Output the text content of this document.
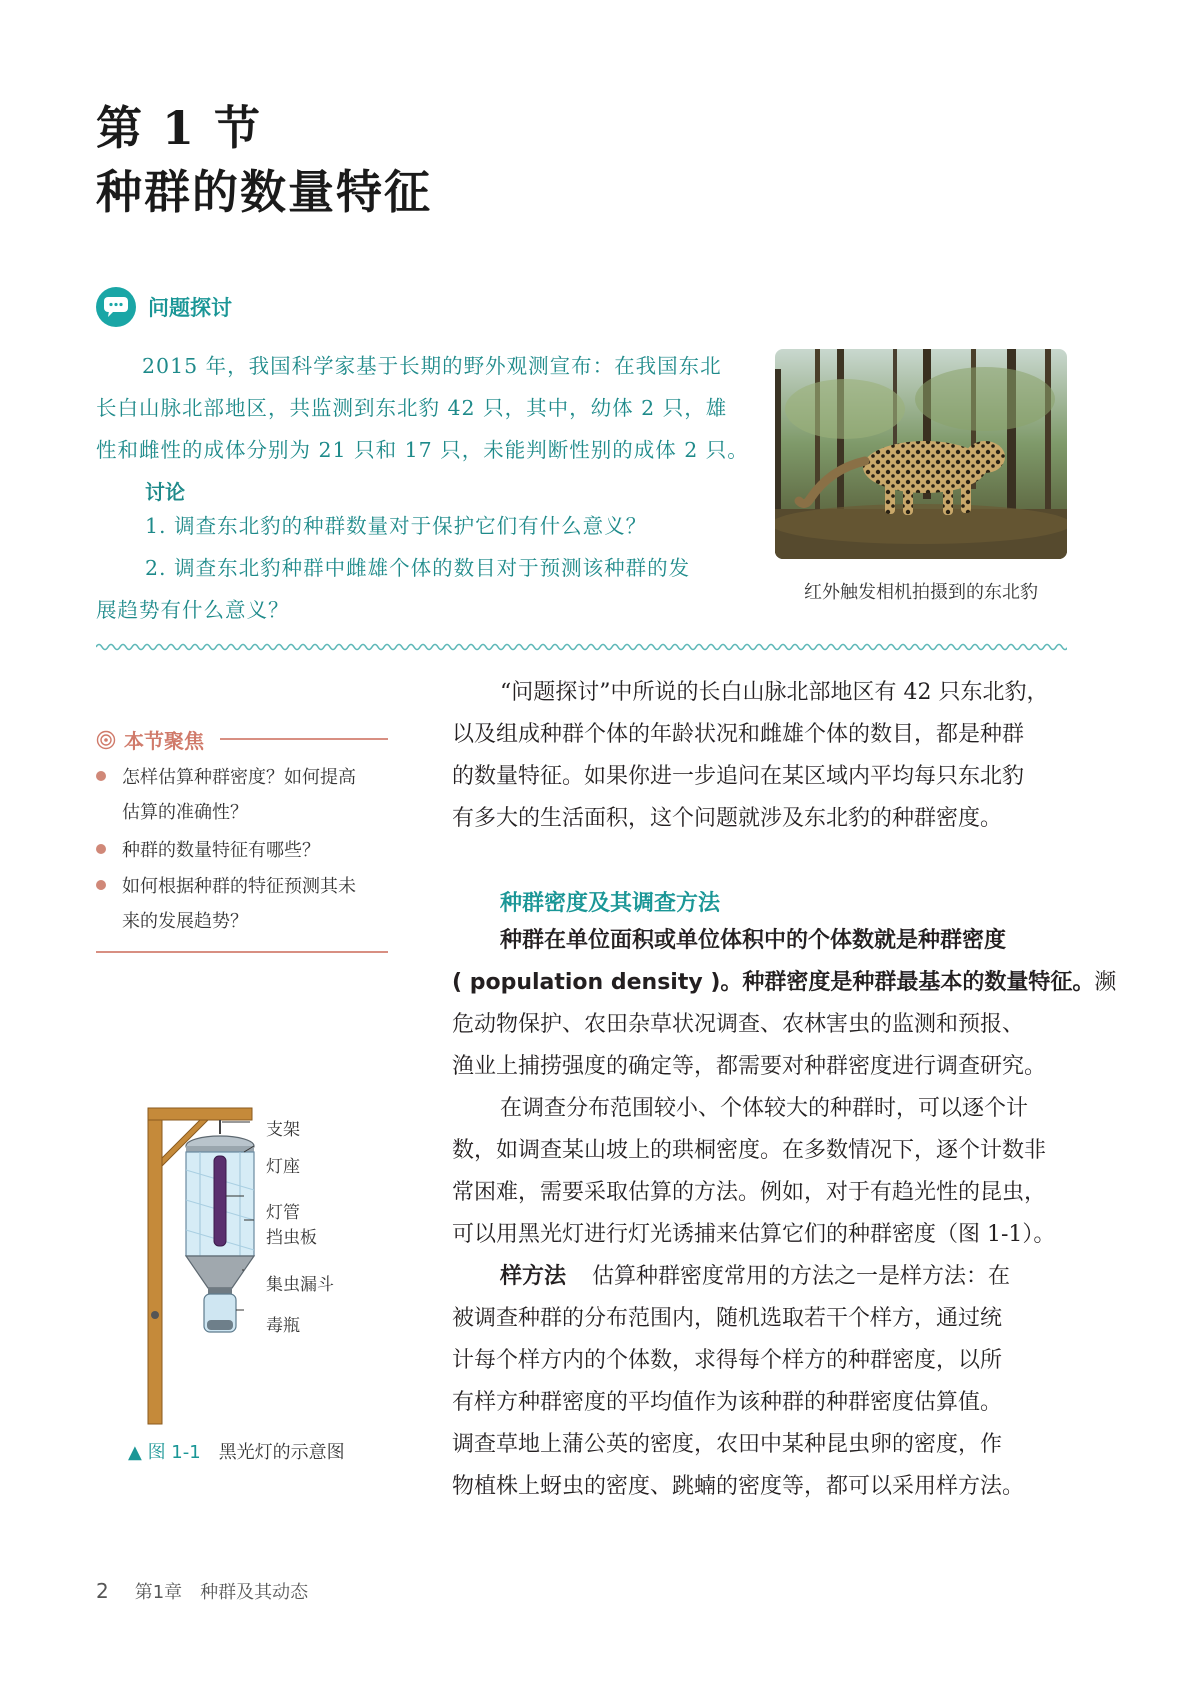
第 1 节
种群的数量特征
问题探讨
2015 年，我国科学家基于长期的野外观测宣布：在我国东北
长白山脉北部地区，共监测到东北豹 42 只，其中，幼体 2 只，雄
性和雌性的成体分别为 21 只和 17 只，未能判断性别的成体 2 只。
讨论
1. 调查东北豹的种群数量对于保护它们有什么意义？
2. 调查东北豹种群中雌雄个体的数目对于预测该种群的发
展趋势有什么意义？
红外触发相机拍摄到的东北豹
本节聚焦
怎样估算种群密度？如何提高
估算的准确性？
种群的数量特征有哪些？
如何根据种群的特征预测其未
来的发展趋势？
“问题探讨”中所说的长白山脉北部地区有 42 只东北豹，
以及组成种群个体的年龄状况和雌雄个体的数目，都是种群
的数量特征。如果你进一步追问在某区域内平均每只东北豹
有多大的生活面积，这个问题就涉及东北豹的种群密度。
种群密度及其调查方法
种群在单位面积或单位体积中的个体数就是种群密度
( population density )。种群密度是种群最基本的数量特征。濒
危动物保护、农田杂草状况调查、农林害虫的监测和预报、
渔业上捕捞强度的确定等，都需要对种群密度进行调查研究。
在调查分布范围较小、个体较大的种群时，可以逐个计
数，如调查某山坡上的珙桐密度。在多数情况下，逐个计数非
常困难，需要采取估算的方法。例如，对于有趋光性的昆虫，
可以用黑光灯进行灯光诱捕来估算它们的种群密度（图 1-1）。
样方法 估算种群密度常用的方法之一是样方法：在
被调查种群的分布范围内，随机选取若干个样方，通过统
计每个样方内的个体数，求得每个样方的种群密度，以所
有样方种群密度的平均值作为该种群的种群密度估算值。
调查草地上蒲公英的密度，农田中某种昆虫卵的密度，作
物植株上蚜虫的密度、跳蝻的密度等，都可以采用样方法。
支架
灯座
灯管
挡虫板
集虫漏斗
毒瓶
▲ 图 1-1 黑光灯的示意图
2 第1章　种群及其动态
